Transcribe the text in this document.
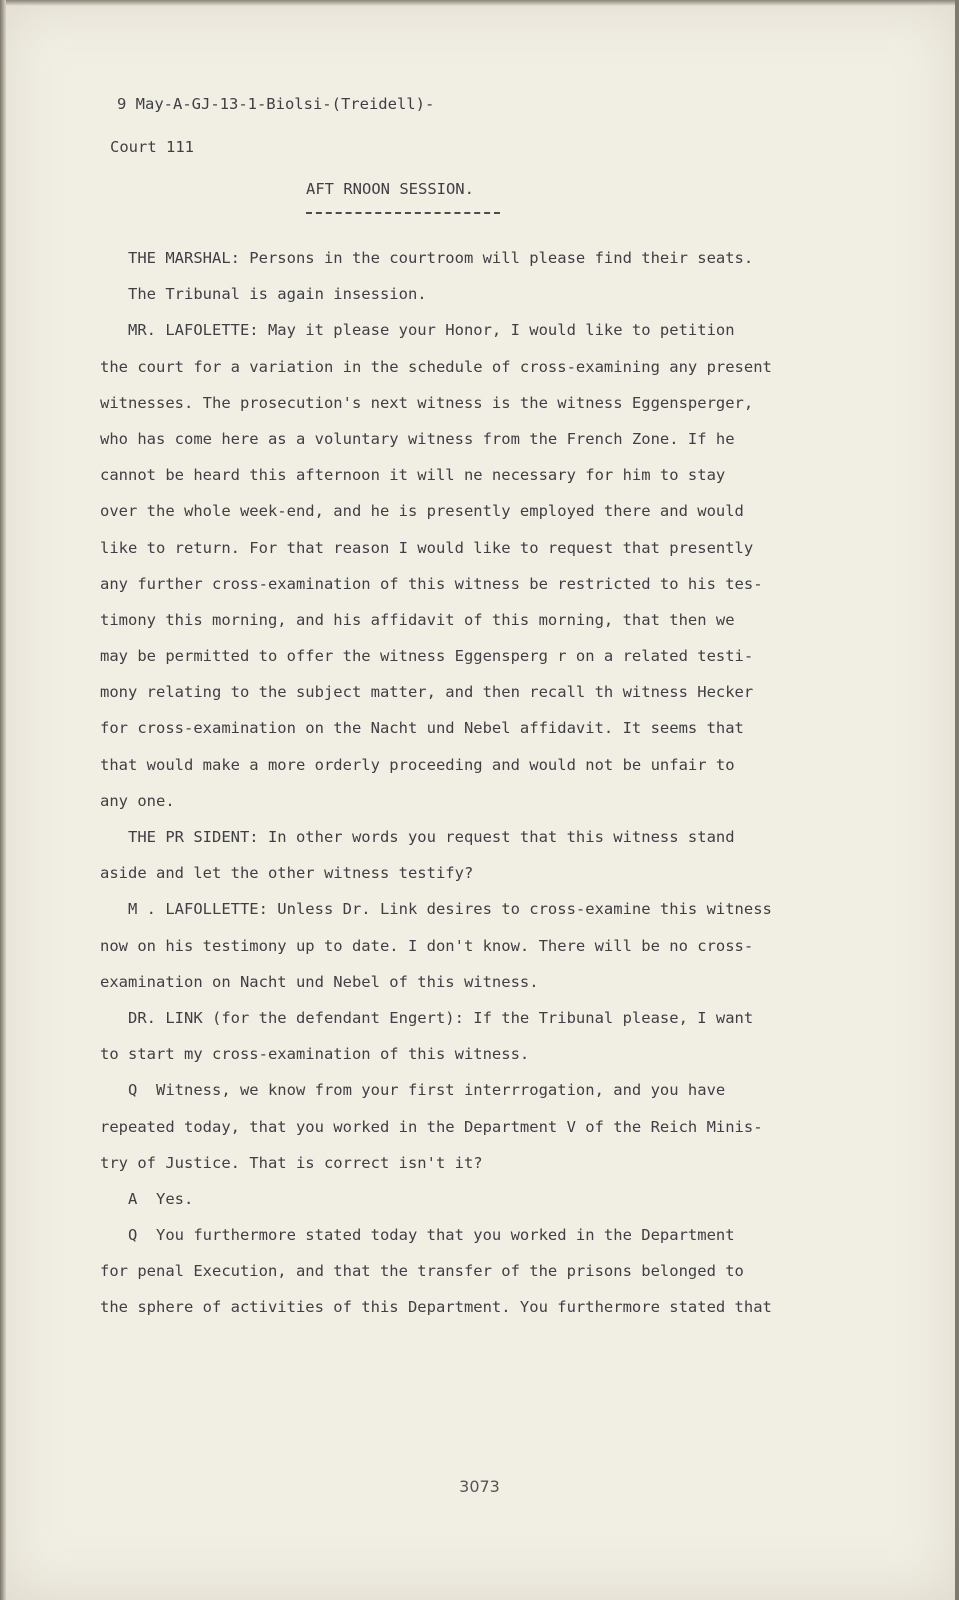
9 May-A-GJ-13-1-Biolsi-(Treidell)-
Court 111
AFT RNOON SESSION.
THE MARSHAL: Persons in the courtroom will please find their seats.
The Tribunal is again insession.
MR. LAFOLETTE: May it please your Honor, I would like to petition
the court for a variation in the schedule of cross-examining any present
witnesses. The prosecution's next witness is the witness Eggensperger,
who has come here as a voluntary witness from the French Zone. If he
cannot be heard this afternoon it will ne necessary for him to stay
over the whole week-end, and he is presently employed there and would
like to return. For that reason I would like to request that presently
any further cross-examination of this witness be restricted to his tes-
timony this morning, and his affidavit of this morning, that then we
may be permitted to offer the witness Eggensperg r on a related testi-
mony relating to the subject matter, and then recall th witness Hecker
for cross-examination on the Nacht und Nebel affidavit. It seems that
that would make a more orderly proceeding and would not be unfair to
any one.
THE PR SIDENT: In other words you request that this witness stand
aside and let the other witness testify?
M . LAFOLLETTE: Unless Dr. Link desires to cross-examine this witness
now on his testimony up to date. I don't know. There will be no cross-
examination on Nacht und Nebel of this witness.
DR. LINK (for the defendant Engert): If the Tribunal please, I want
to start my cross-examination of this witness.
Q  Witness, we know from your first interrrogation, and you have
repeated today, that you worked in the Department V of the Reich Minis-
try of Justice. That is correct isn't it?
A  Yes.
Q  You furthermore stated today that you worked in the Department
for penal Execution, and that the transfer of the prisons belonged to
the sphere of activities of this Department. You furthermore stated that
3073
